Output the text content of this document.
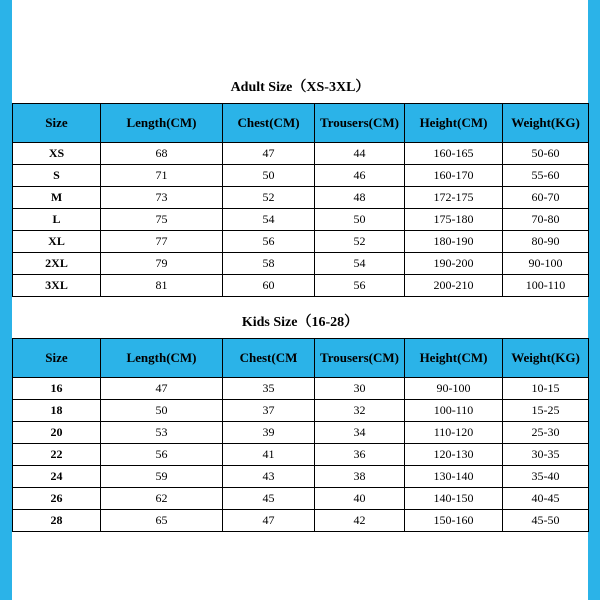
Adult Size（XS-3XL）
Size	Length(CM)	Chest(CM)	Trousers(CM)	Height(CM)	Weight(KG)
XS	68	47	44	160-165	50-60
S	71	50	46	160-170	55-60
M	73	52	48	172-175	60-70
L	75	54	50	175-180	70-80
XL	77	56	52	180-190	80-90
2XL	79	58	54	190-200	90-100
3XL	81	60	56	200-210	100-110
Kids Size（16-28）
Size	Length(CM)	Chest(CM	Trousers(CM)	Height(CM)	Weight(KG)
16	47	35	30	90-100	10-15
18	50	37	32	100-110	15-25
20	53	39	34	110-120	25-30
22	56	41	36	120-130	30-35
24	59	43	38	130-140	35-40
26	62	45	40	140-150	40-45
28	65	47	42	150-160	45-50
